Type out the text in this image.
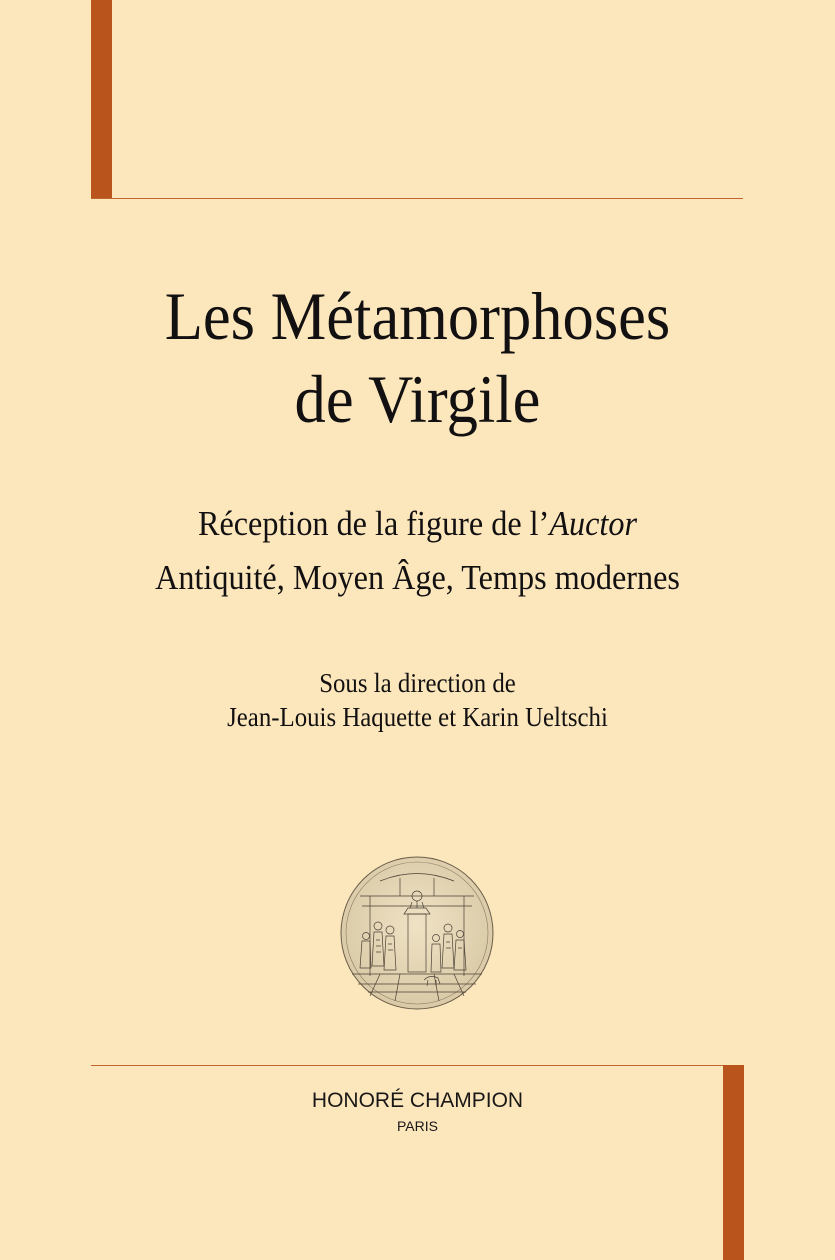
Les Métamorphoses
de Virgile
Réception de la figure de l’Auctor
Antiquité, Moyen Âge, Temps modernes
Sous la direction de
Jean-Louis Haquette et Karin Ueltschi
HONORÉ CHAMPION
PARIS
